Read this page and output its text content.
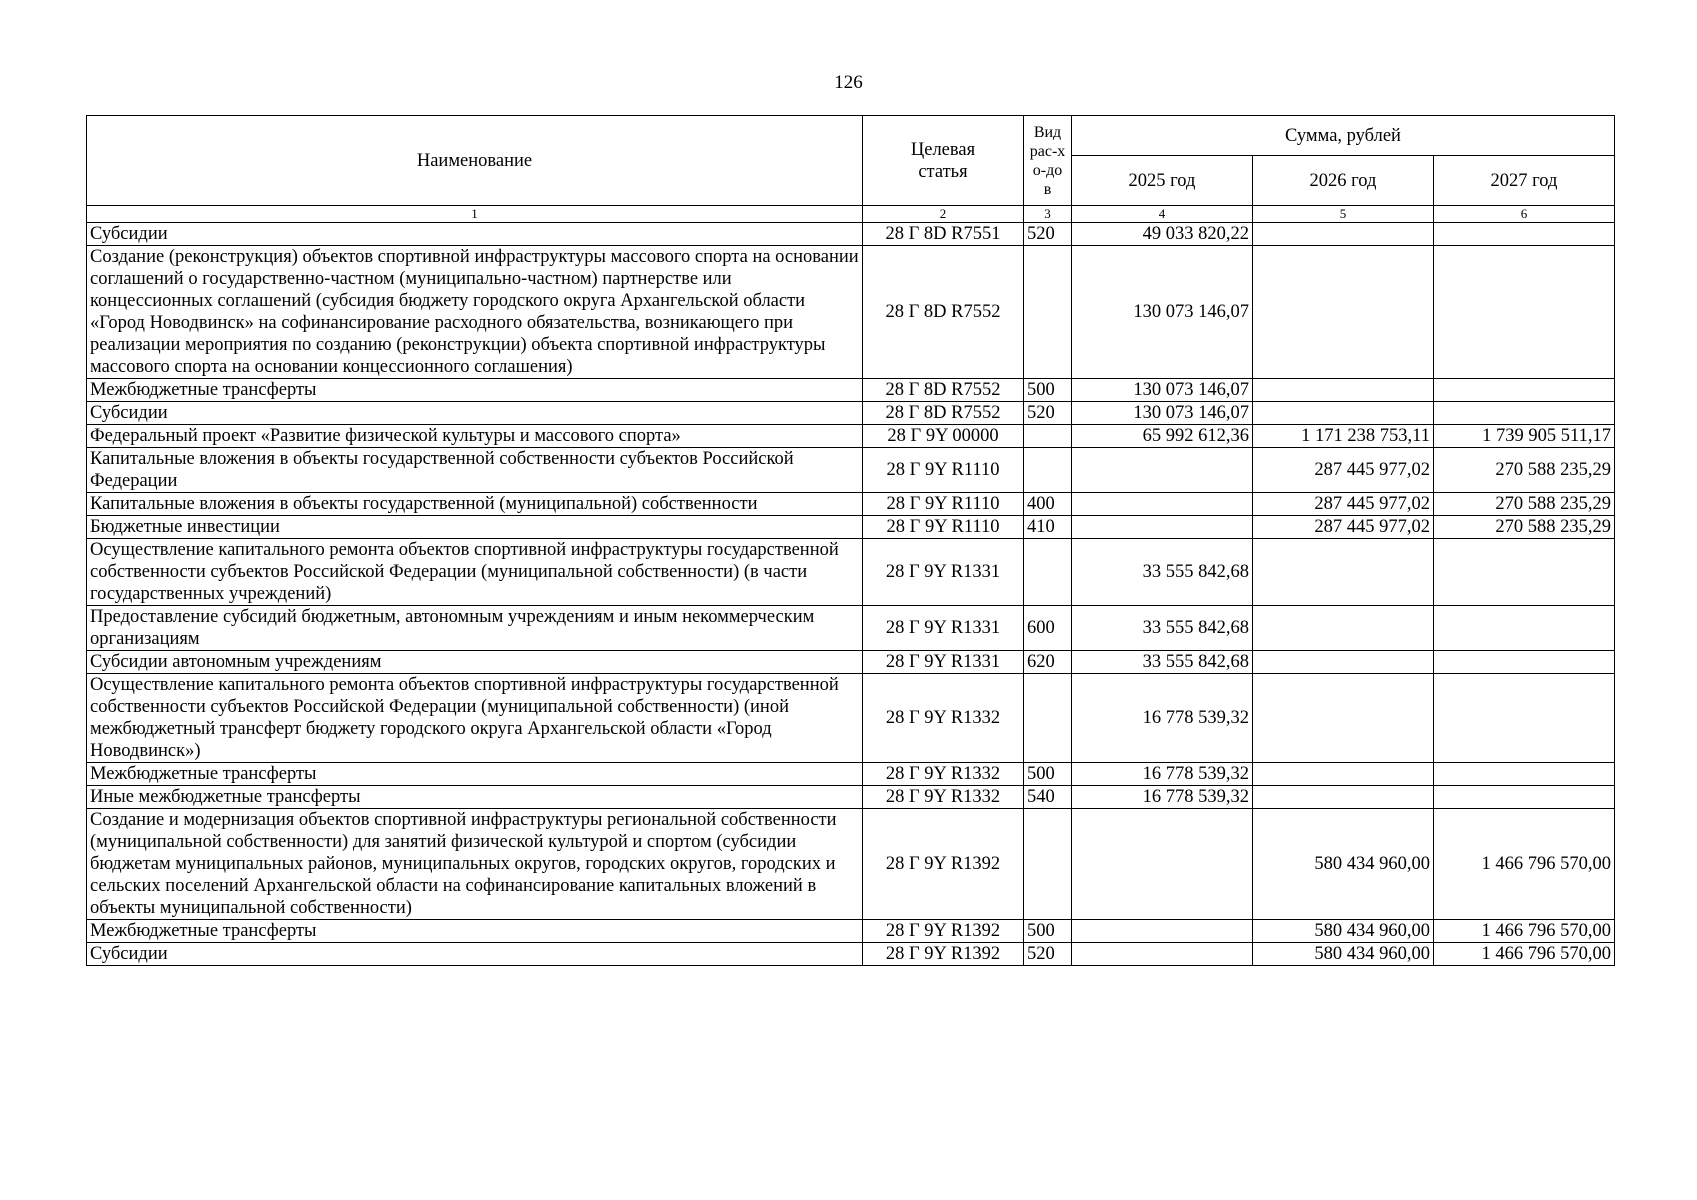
126
Наименование	Целевая статья	Вид рас-хо-дов	Сумма, рублей		
			2025 год	2026 год	2027 год
1	2	3	4	5	6
Субсидии	28 Г 8D R7551	520	49 033 820,22		
Создание (реконструкция) объектов спортивной инфраструктуры массового спорта на основании соглашений о государственно-частном (муниципально-частном) партнерстве или концессионных соглашений (субсидия бюджету городского округа Архангельской области «Город Новодвинск» на софинансирование расходного обязательства, возникающего при реализации мероприятия по созданию (реконструкции) объекта спортивной инфраструктуры массового спорта на основании концессионного соглашения)	28 Г 8D R7552		130 073 146,07		
Межбюджетные трансферты	28 Г 8D R7552	500	130 073 146,07		
Субсидии	28 Г 8D R7552	520	130 073 146,07		
Федеральный проект «Развитие физической культуры и массового спорта»	28 Г 9Y 00000		65 992 612,36	1 171 238 753,11	1 739 905 511,17
Капитальные вложения в объекты государственной собственности субъектов Российской Федерации	28 Г 9Y R1110			287 445 977,02	270 588 235,29
Капитальные вложения в объекты государственной (муниципальной) собственности	28 Г 9Y R1110	400		287 445 977,02	270 588 235,29
Бюджетные инвестиции	28 Г 9Y R1110	410		287 445 977,02	270 588 235,29
Осуществление капитального ремонта объектов спортивной инфраструктуры государственной собственности субъектов Российской Федерации (муниципальной собственности) (в части государственных учреждений)	28 Г 9Y R1331		33 555 842,68		
Предоставление субсидий бюджетным, автономным учреждениям и иным некоммерческим организациям	28 Г 9Y R1331	600	33 555 842,68		
Субсидии автономным учреждениям	28 Г 9Y R1331	620	33 555 842,68		
Осуществление капитального ремонта объектов спортивной инфраструктуры государственной собственности субъектов Российской Федерации (муниципальной собственности) (иной межбюджетный трансферт бюджету городского округа Архангельской области «Город Новодвинск»)	28 Г 9Y R1332		16 778 539,32		
Межбюджетные трансферты	28 Г 9Y R1332	500	16 778 539,32		
Иные межбюджетные трансферты	28 Г 9Y R1332	540	16 778 539,32		
Создание и модернизация объектов спортивной инфраструктуры региональной собственности (муниципальной собственности) для занятий физической культурой и спортом (субсидии бюджетам муниципальных районов, муниципальных округов, городских округов, городских и сельских поселений Архангельской области на софинансирование капитальных вложений в объекты муниципальной собственности)	28 Г 9Y R1392			580 434 960,00	1 466 796 570,00
Межбюджетные трансферты	28 Г 9Y R1392	500		580 434 960,00	1 466 796 570,00
Субсидии	28 Г 9Y R1392	520		580 434 960,00	1 466 796 570,00
